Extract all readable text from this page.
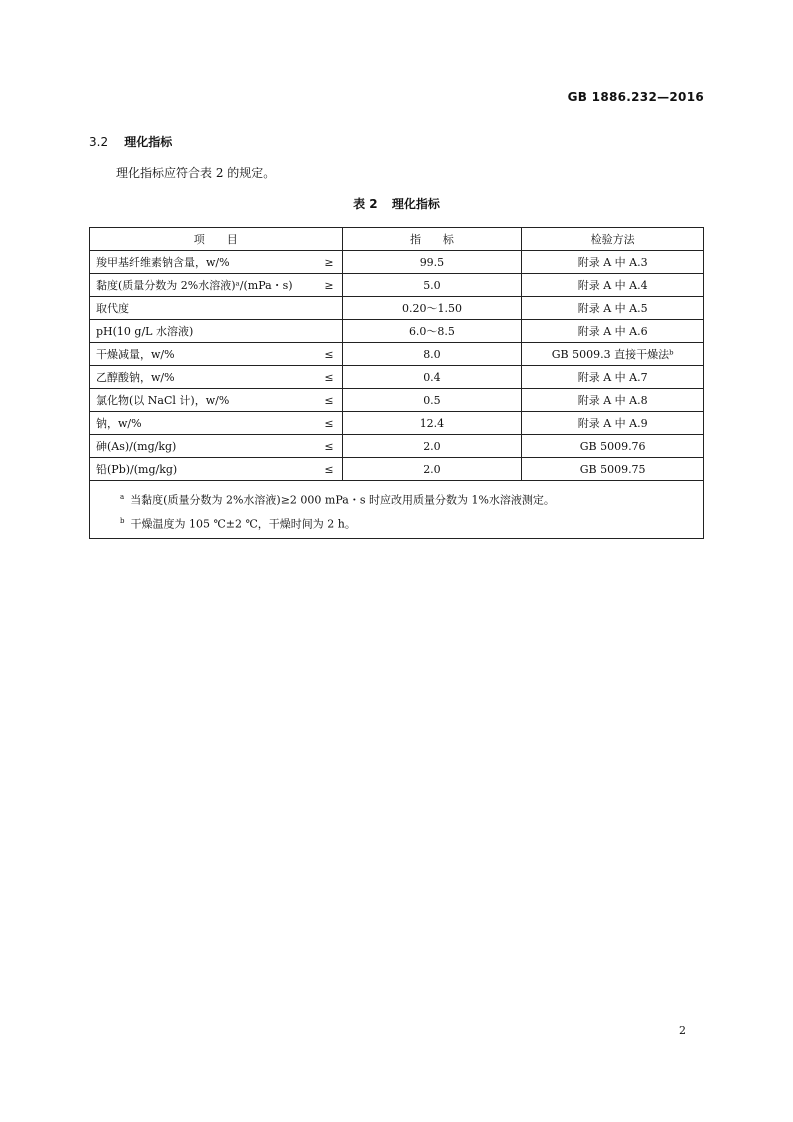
GB 1886.232—2016
3.2 理化指标
理化指标应符合表 2 的规定。
表 2 理化指标
项　　目	指　　标	检验方法

羧甲基纤维素钠含量，w/% ≥	99.5	附录 A 中 A.3

黏度(质量分数为 2%水溶液)ᵃ/(mPa・s) ≥	5.0	附录 A 中 A.4

取代度	0.20～1.50	附录 A 中 A.5

pH(10 g/L 水溶液)	6.0～8.5	附录 A 中 A.6

干燥减量，w/% ≤	8.0	GB 5009.3 直接干燥法ᵇ

乙醇酸钠，w/% ≤	0.4	附录 A 中 A.7

氯化物(以 NaCl 计)，w/% ≤	0.5	附录 A 中 A.8

钠，w/% ≤	12.4	附录 A 中 A.9

砷(As)/(mg/kg) ≤	2.0	GB 5009.76

铅(Pb)/(mg/kg) ≤	2.0	GB 5009.75

$^a$ 当黏度(质量分数为 2%水溶液)≥2 000 mPa・s 时应改用质量分数为 1%水溶液测定。
$^b$ 干燥温度为 105 ℃±2 ℃，干燥时间为 2 h。		
2
